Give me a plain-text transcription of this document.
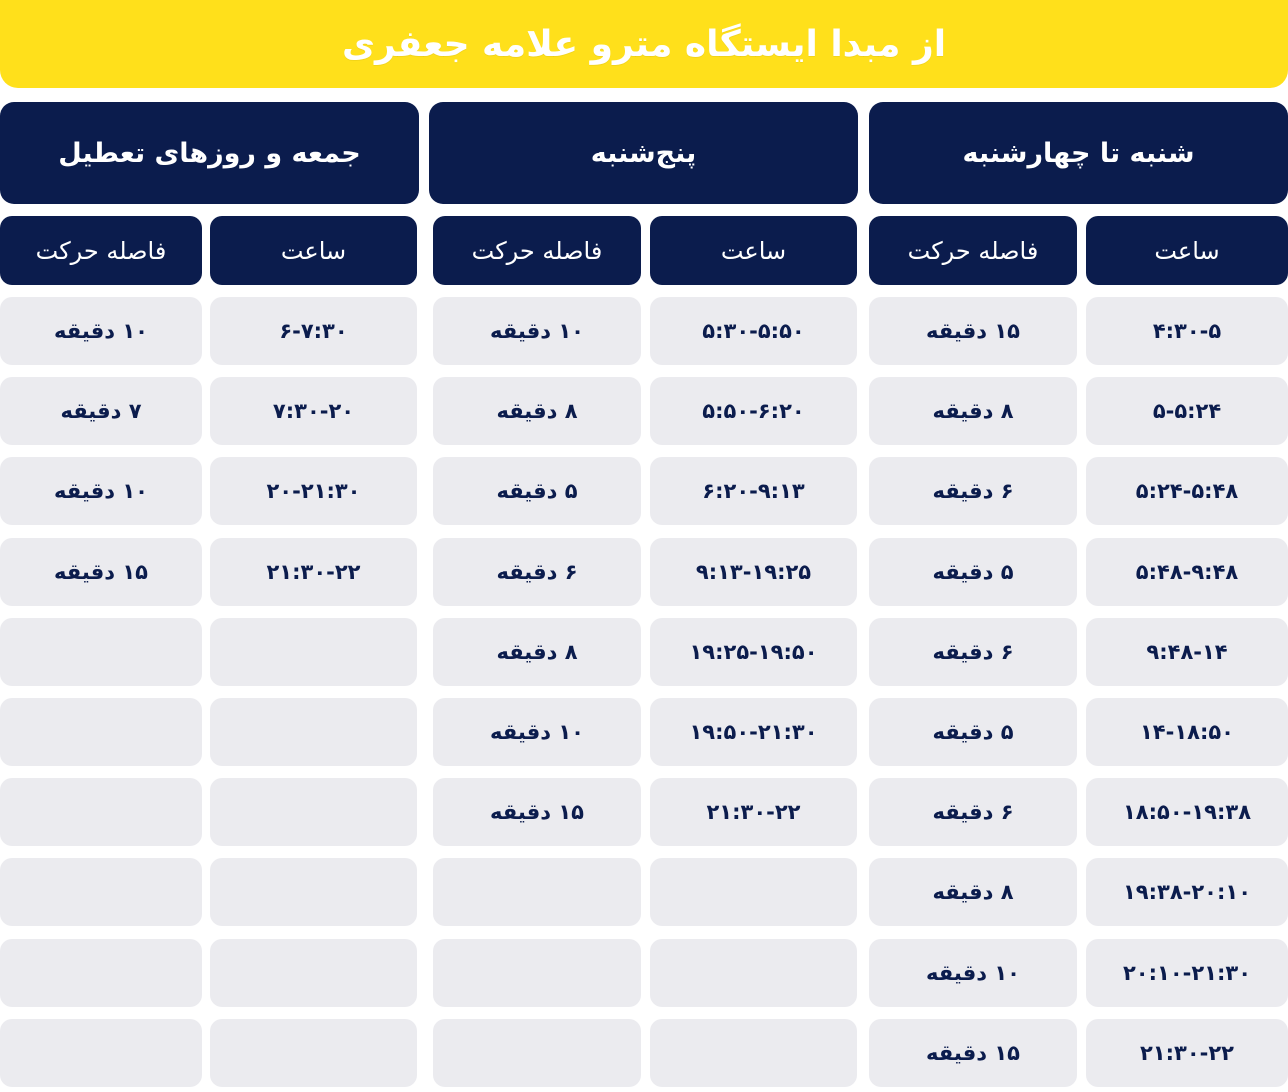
از مبدا ایستگاه مترو علامه جعفری
شنبه تا چهارشنبه
ساعت
فاصله حرکت
پنج‌شنبه
ساعت
فاصله حرکت
جمعه و روزهای تعطیل
ساعت
فاصله حرکت
۴:۳۰-۵
۵-۵:۲۴
۵:۲۴-۵:۴۸
۵:۴۸-۹:۴۸
۹:۴۸-۱۴
۱۴-۱۸:۵۰
۱۸:۵۰-۱۹:۳۸
۱۹:۳۸-۲۰:۱۰
۲۰:۱۰-۲۱:۳۰
۲۱:۳۰-۲۲
۱۵ دقیقه
۸ دقیقه
۶ دقیقه
۵ دقیقه
۶ دقیقه
۵ دقیقه
۶ دقیقه
۸ دقیقه
۱۰ دقیقه
۱۵ دقیقه
۵:۳۰-۵:۵۰
۵:۵۰-۶:۲۰
۶:۲۰-۹:۱۳
۹:۱۳-۱۹:۲۵
۱۹:۲۵-۱۹:۵۰
۱۹:۵۰-۲۱:۳۰
۲۱:۳۰-۲۲
۱۰ دقیقه
۸ دقیقه
۵ دقیقه
۶ دقیقه
۸ دقیقه
۱۰ دقیقه
۱۵ دقیقه
۶-۷:۳۰
۷:۳۰-۲۰
۲۰-۲۱:۳۰
۲۱:۳۰-۲۲
۱۰ دقیقه
۷ دقیقه
۱۰ دقیقه
۱۵ دقیقه
